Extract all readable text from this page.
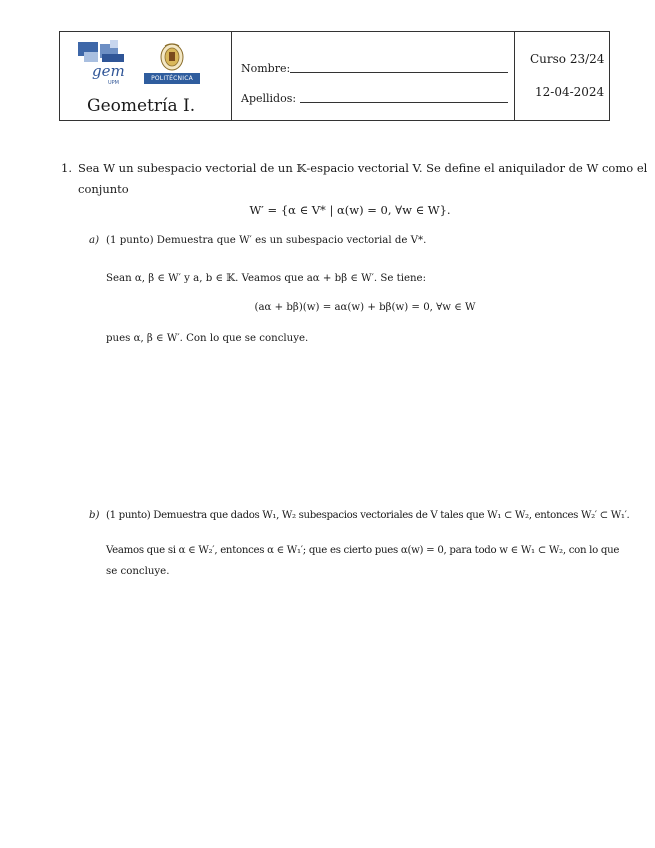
gem
UPM
POLITÉCNICA
Geometría I.
Nombre:
Apellidos:
Curso 23/24
12-04-2024
1. Sea W un subespacio vectorial de un 𝕂-espacio vectorial V. Se define el aniquilador de W como el
conjunto
W′ = {α ∈ V* | α(w) = 0, ∀w ∈ W}.
a) (1 punto) Demuestra que W′ es un subespacio vectorial de V*.
Sean α, β ∈ W′ y a, b ∈ 𝕂. Veamos que aα + bβ ∈ W′. Se tiene:
(aα + bβ)(w) = aα(w) + bβ(w) = 0, ∀w ∈ W
pues α, β ∈ W′. Con lo que se concluye.
b) (1 punto) Demuestra que dados W₁, W₂ subespacios vectoriales de V tales que W₁ ⊂ W₂, entonces W₂′ ⊂ W₁′.
Veamos que si α ∈ W₂′, entonces α ∈ W₁′; que es cierto pues α(w) = 0, para todo w ∈ W₁ ⊂ W₂, con lo que
se concluye.
